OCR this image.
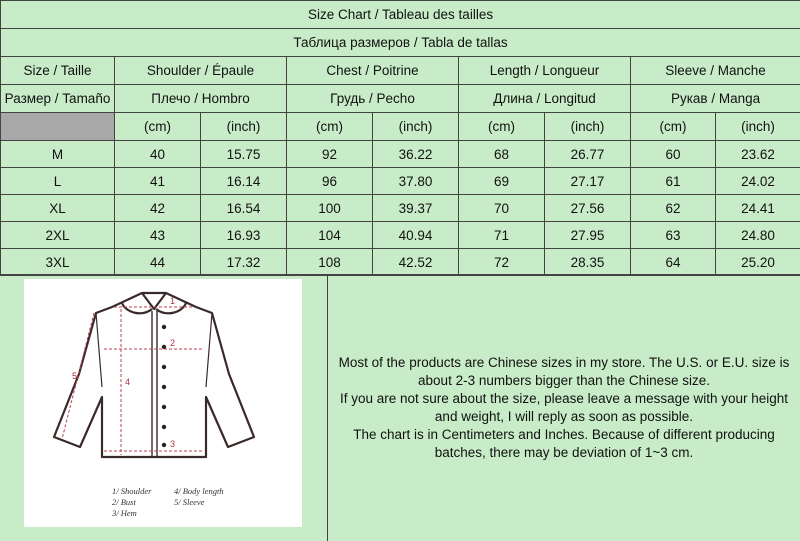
Size Chart / Tableau des tailles								
Таблица размеров / Tabla de tallas								
Size / Taille	Shoulder / Épaule		Chest / Poitrine		Length / Longueur		Sleeve / Manche	
Размер / Tamaño	Плечо / Hombro		Грудь / Pecho		Длина / Longitud		Рукав / Manga	
	(cm)	(inch)	(cm)	(inch)	(cm)	(inch)	(cm)	(inch)
M	40	15.75	92	36.22	68	26.77	60	23.62
L	41	16.14	96	37.80	69	27.17	61	24.02
XL	42	16.54	100	39.37	70	27.56	62	24.41
2XL	43	16.93	104	40.94	71	27.95	63	24.80
3XL	44	17.32	108	42.52	72	28.35	64	25.20
1
2
3
4
5
1/ Shoulder
2/ Bust
3/ Hem
4/ Body length
5/ Sleeve
Most of the products are Chinese sizes in my store. The U.S. or E.U. size is
about 2-3 numbers bigger than the Chinese size.
If you are not sure about the size, please leave a message with your height
and weight, I will reply as soon as possible.
The chart is in Centimeters and Inches. Because of different producing
batches, there may be deviation of 1~3 cm.
